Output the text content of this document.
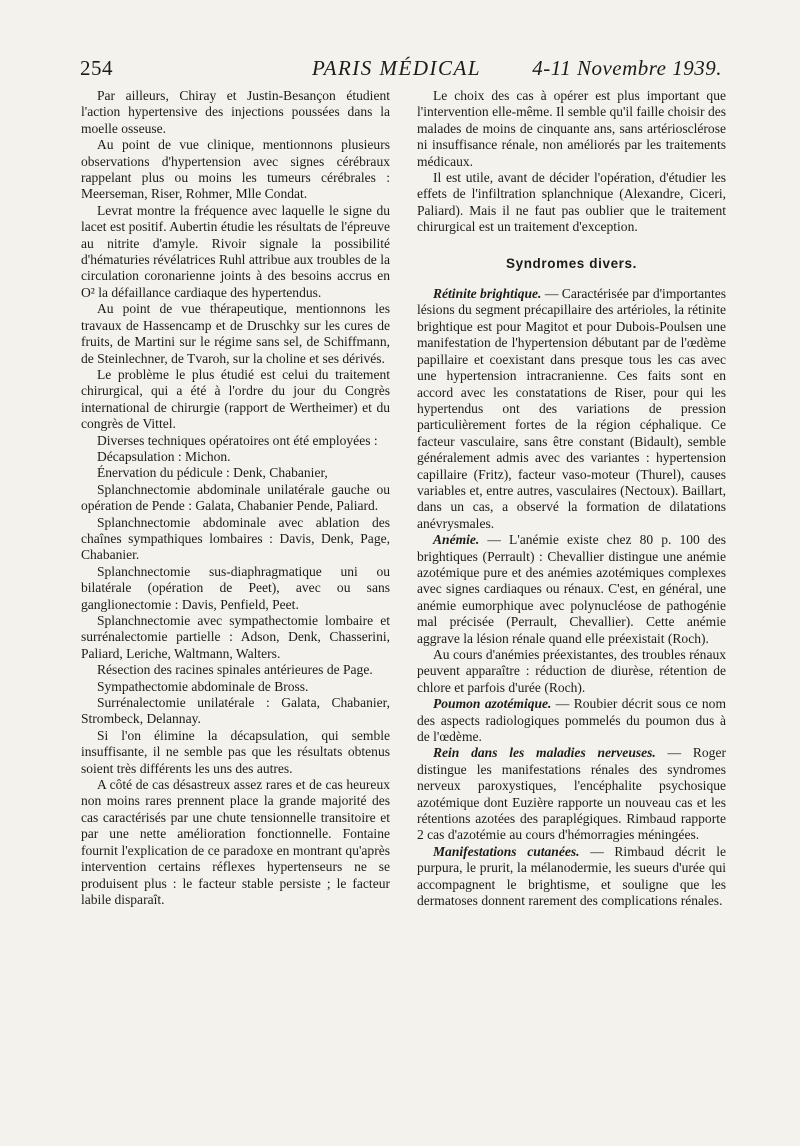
254	PARIS MÉDICAL 4-11 Novembre 1939.

Par ailleurs, Chiray et Justin-Besançon étudient l'action hypertensive des injections poussées dans la moelle osseuse.

Au point de vue clinique, mentionnons plusieurs observations d'hypertension avec signes cérébraux rappelant plus ou moins les tumeurs cérébrales : Meerseman, Riser, Rohmer, Mlle Condat.

Levrat montre la fréquence avec laquelle le signe du lacet est positif. Aubertin étudie les résultats de l'épreuve au nitrite d'amyle. Rivoir signale la possibilité d'hématuries révélatrices Ruhl attribue aux troubles de la circulation coronarienne joints à des besoins accrus en O² la défaillance cardiaque des hypertendus.

Au point de vue thérapeutique, mentionnons les travaux de Hassencamp et de Druschky sur les cures de fruits, de Martini sur le régime sans sel, de Schiffmann, de Steinlechner, de Tvaroh, sur la choline et ses dérivés.

Le problème le plus étudié est celui du traitement chirurgical, qui a été à l'ordre du jour du Congrès international de chirurgie (rapport de Wertheimer) et du congrès de Vittel.

Diverses techniques opératoires ont été employées :

Décapsulation : Michon.

Énervation du pédicule : Denk, Chabanier,

Splanchnectomie abdominale unilatérale gauche ou opération de Pende : Galata, Chabanier Pende, Paliard.

Splanchnectomie abdominale avec ablation des chaînes sympathiques lombaires : Davis, Denk, Page, Chabanier.

Splanchnectomie sus-diaphragmatique uni ou bilatérale (opération de Peet), avec ou sans ganglionectomie : Davis, Penfield, Peet.

Splanchnectomie avec sympathectomie lombaire et surrénalectomie partielle : Adson, Denk, Chasserini, Paliard, Leriche, Waltmann, Walters.

Résection des racines spinales antérieures de Page.

Sympathectomie abdominale de Bross.

Surrénalectomie unilatérale : Galata, Chabanier, Strombeck, Delannay.

Si l'on élimine la décapsulation, qui semble insuffisante, il ne semble pas que les résultats obtenus soient très différents les uns des autres.

A côté de cas désastreux assez rares et de cas heureux non moins rares prennent place la grande majorité des cas caractérisés par une chute tensionnelle transitoire et par une nette amélioration fonctionnelle. Fontaine fournit l'explication de ce paradoxe en montrant qu'après intervention certains réflexes hypertenseurs ne se produisent plus : le facteur stable persiste ; le facteur labile disparaît.

Le choix des cas à opérer est plus important que l'intervention elle-même. Il semble qu'il faille choisir des malades de moins de cinquante ans, sans artériosclérose ni insuffisance rénale, non améliorés par les traitements médicaux.

Il est utile, avant de décider l'opération, d'étudier les effets de l'infiltration splanchnique (Alexandre, Ciceri, Paliard). Mais il ne faut pas oublier que le traitement chirurgical est un traitement d'exception.

Syndromes divers.

Rétinite brightique. — Caractérisée par d'importantes lésions du segment précapillaire des artérioles, la rétinite brightique est pour Magitot et pour Dubois-Poulsen une manifestation de l'hypertension débutant par de l'œdème papillaire et coexistant dans presque tous les cas avec une hypertension intracranienne. Ces faits sont en accord avec les constatations de Riser, pour qui les hypertendus ont des variations de pression particulièrement fortes de la région céphalique. Ce facteur vasculaire, sans être constant (Bidault), semble généralement admis avec des variantes : hypertension capillaire (Fritz), facteur vaso-moteur (Thurel), causes variables et, entre autres, vasculaires (Nectoux). Baillart, dans un cas, a observé la formation de dilatations anévrysmales.

Anémie. — L'anémie existe chez 80 p. 100 des brightiques (Perrault) : Chevallier distingue une anémie azotémique pure et des anémies azotémiques complexes avec signes cardiaques ou rénaux. C'est, en général, une anémie eumorphique avec polynucléose de pathogénie mal précisée (Perrault, Chevallier). Cette anémie aggrave la lésion rénale quand elle préexistait (Roch).

Au cours d'anémies préexistantes, des troubles rénaux peuvent apparaître : réduction de diurèse, rétention de chlore et parfois d'urée (Roch).

Poumon azotémique. — Roubier décrit sous ce nom des aspects radiologiques pommelés du poumon dus à de l'œdème.

Rein dans les maladies nerveuses. — Roger distingue les manifestations rénales des syndromes nerveux paroxystiques, l'encéphalite psychosique azotémique dont Euzière rapporte un nouveau cas et les rétentions azotées des paraplégiques. Rimbaud rapporte 2 cas d'azotémie au cours d'hémorragies méningées.

Manifestations cutanées. — Rimbaud décrit le purpura, le prurit, la mélanodermie, les sueurs d'urée qui accompagnent le brightisme, et souligne que les dermatoses donnent rarement des complications rénales.
